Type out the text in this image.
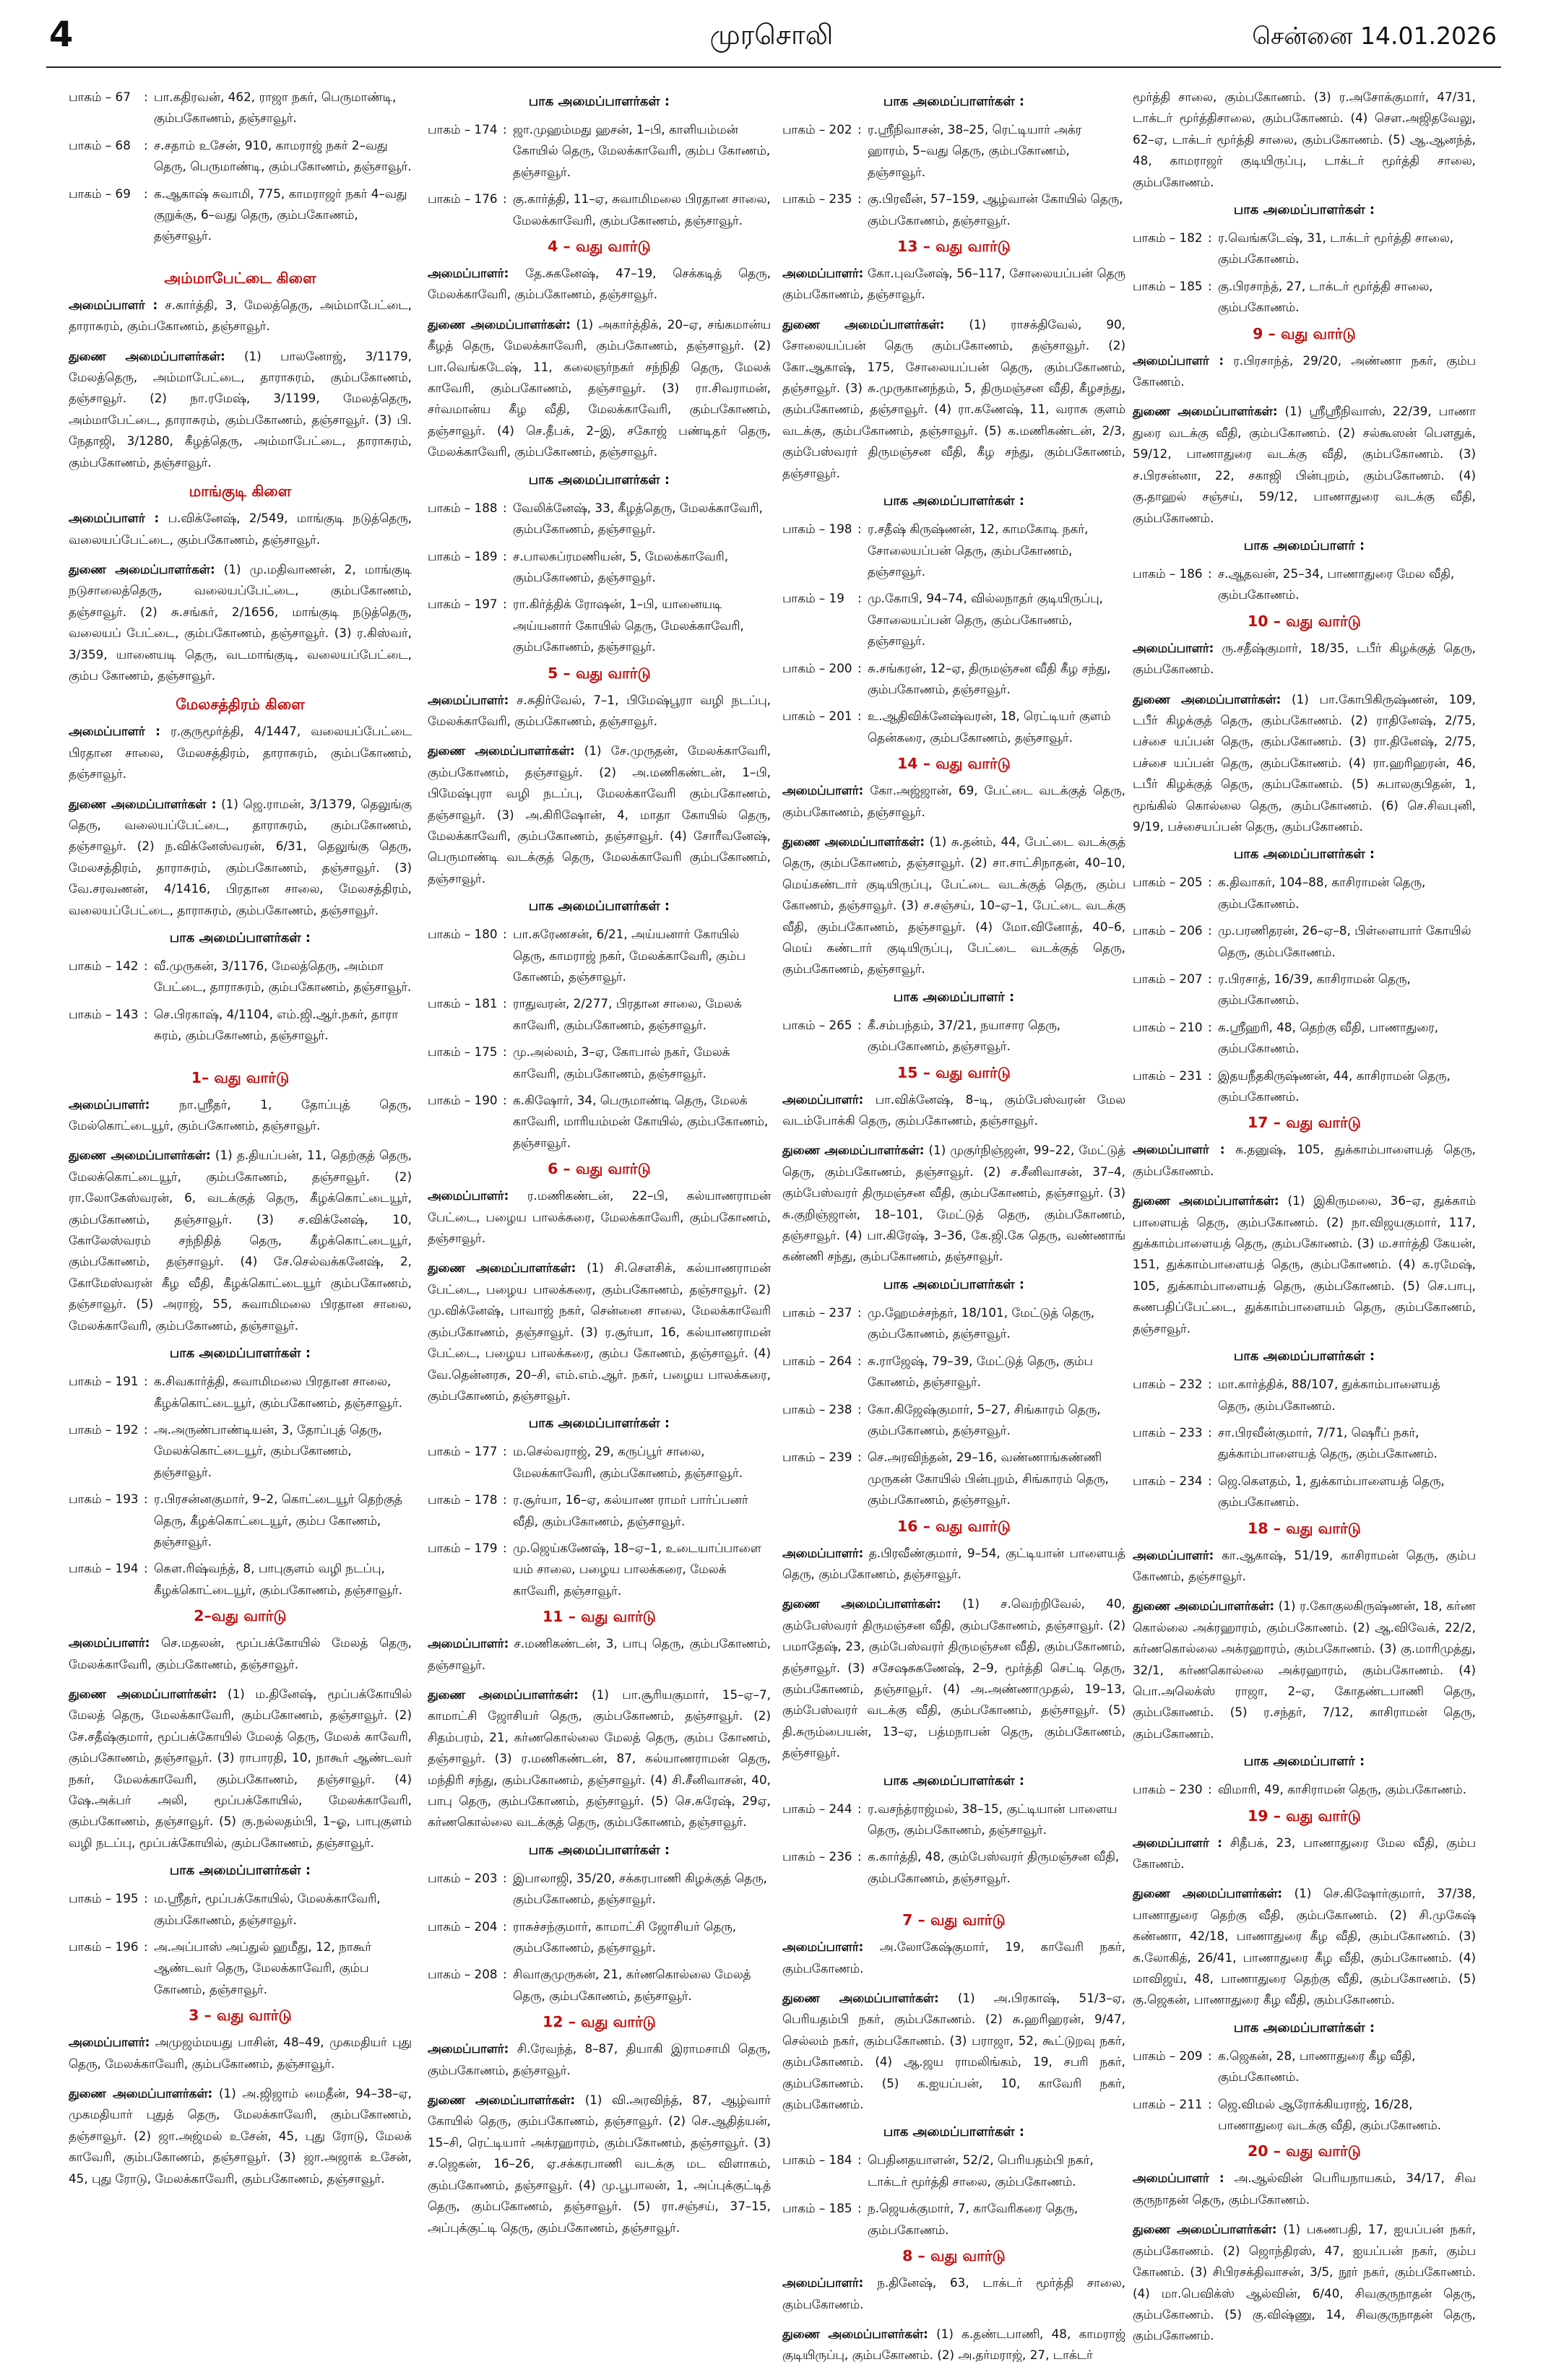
4	முரசொலி	சென்னை 14.01.2026
பாகம் – 67	: பா.கதிரவன், 462, ராஜா நகர், பெருமாண்டி, கும்பகோணம், தஞ்சாவூர்.
பாகம் – 68	: ச.சதாம் உசேன், 910, காமராஜ் நகர் 2–வது தெரு, பெருமாண்டி, கும்பகோணம், தஞ்சாவூர்.
பாகம் – 69	: க.ஆகாஷ் சுவாமி, 775, காமராஜர் நகர் 4–வது குறுக்கு, 6–வது தெரு, கும்பகோணம், தஞ்சாவூர்.
அம்மாபேட்டை கிளை
அமைப்பாளர் : ச.கார்த்தி, 3, மேலத்தெரு, அம்மாபேட்டை, தாராசுரம், கும்பகோணம், தஞ்சாவூர்.
துணை அமைப்பாளர்கள்: (1) பாலனோஜ், 3/1179, மேலத்தெரு, அம்மாபேட்டை, தாராசுரம், கும்பகோணம், தஞ்சாவூர். (2) நா.ரமேஷ், 3/1199, மேலத்தெரு, அம்மாபேட்டை, தாராசுரம், கும்பகோணம், தஞ்சாவூர். (3) பி. நேதாஜி, 3/1280, கீழத்தெரு, அம்மாபேட்டை, தாராசுரம், கும்பகோணம், தஞ்சாவூர்.
மாங்குடி கிளை
அமைப்பாளர் : ப.விக்னேஷ், 2/549, மாங்குடி நடுத்தெரு, வலையப்பேட்டை, கும்பகோணம், தஞ்சாவூர்.
துணை அமைப்பாளர்கள்: (1) மு.மதிவாணன், 2, மாங்குடி நடுசாலைத்தெரு, வலையப்பேட்டை, கும்பகோணம், தஞ்சாவூர். (2) சு.சங்கர், 2/1656, மாங்குடி நடுத்தெரு, வலையப் பேட்டை, கும்பகோணம், தஞ்சாவூர். (3) ர.கிஸ்வர், 3/359, யானையடி தெரு, வடமாங்குடி, வலையப்பேட்டை, கும்ப கோணம், தஞ்சாவூர்.
மேலசத்திரம் கிளை
அமைப்பாளர் : ர.குருமூர்த்தி, 4/1447, வலையப்பேட்டை பிரதான சாலை, மேலசத்திரம், தாராசுரம், கும்பகோணம், தஞ்சாவூர்.
துணை அமைப்பாளர்கள் : (1) ஜெ.ராமன், 3/1379, தெலுங்கு தெரு, வலையப்பேட்டை, தாராசுரம், கும்பகோணம், தஞ்சாவூர். (2) ந.விக்னேஸ்வரன், 6/31, தெலுங்கு தெரு, மேலசத்திரம், தாராசுரம், கும்பகோணம், தஞ்சாவூர். (3) வே.சரவணன், 4/1416, பிரதான சாலை, மேலசத்திரம், வலையப்பேட்டை, தாராசுரம், கும்பகோணம், தஞ்சாவூர்.
பாக அமைப்பாளர்கள் :
பாகம் – 142 : வீ.முருகன், 3/1176, மேலத்தெரு, அம்மா பேட்டை, தாராசுரம், கும்பகோணம், தஞ்சாவூர்.
பாகம் – 143 : செ.பிரகாஷ், 4/1104, எம்.ஜி.ஆர்.நகர், தாரா சுரம், கும்பகோணம், தஞ்சாவூர்.
1– வது வார்டு
அமைப்பாளர்: நா.ஸ்ரீதர், 1, தோப்புத் தெரு, மேல்கொட்டையூர், கும்பகோணம், தஞ்சாவூர்.
துணை அமைப்பாளர்கள்: (1) த.தியப்பன், 11, தெற்குத் தெரு, மேலக்கொட்டையூர், கும்பகோணம், தஞ்சாவூர். (2) ரா.லோகேஸ்வரன், 6, வடக்குத் தெரு, கீழக்கொட்டையூர், கும்பகோணம், தஞ்சாவூர். (3) ச.விக்னேஷ், 10, கோலேஸ்வரம் சந்நிதித் தெரு, கீழக்கொட்டையூர், கும்பகோணம், தஞ்சாவூர். (4) சே.செல்வக்கனேஷ், 2, கோமேஸ்வரன் கீழ வீதி, கீழக்கொட்டையூர் கும்பகோணம், தஞ்சாவூர். (5) அராஜ், 55, சுவாமிமலை பிரதான சாலை, மேலக்காவேரி, கும்பகோணம், தஞ்சாவூர்.
பாக அமைப்பாளர்கள் :
பாகம் – 191 : க.சிவகார்த்தி, சுவாமிமலை பிரதான சாலை, கீழக்கொட்டையூர், கும்பகோணம், தஞ்சாவூர்.
பாகம் – 192 : அ.அருண்பாண்டியன், 3, தோப்புத் தெரு, மேலக்கொட்டையூர், கும்பகோணம், தஞ்சாவூர்.
பாகம் – 193 : ர.பிரசன்னகுமார், 9–2, கொட்டையூர் தெற்குத் தெரு, கீழக்கொட்டையூர், கும்ப கோணம், தஞ்சாவூர்.
பாகம் – 194 : கௌ.ரிஷ்வந்த், 8, பாபுகுளம் வழி நடப்பு, கீழக்கொட்டையூர், கும்பகோணம், தஞ்சாவூர்.
2–வது வார்டு
அமைப்பாளர்: செ.மதலன், மூப்பக்கோயில் மேலத் தெரு, மேலக்காவேரி, கும்பகோணம், தஞ்சாவூர்.
துணை அமைப்பாளர்கள்: (1) ம.தினேஷ், மூப்பக்கோயில் மேலத் தெரு, மேலக்காவேரி, கும்பகோணம், தஞ்சாவூர். (2) சே.சதீஷ்குமார், மூப்பக்கோயில் மேலத் தெரு, மேலக் காவேரி, கும்பகோணம், தஞ்சாவூர். (3) ராபாரதி, 10, நாகூர் ஆண்டவர் நகர், மேலக்காவேரி, கும்பகோணம், தஞ்சாவூர். (4) ஷே.அக்பர் அலி, மூப்பக்கோயில், மேலக்காவேரி, கும்பகோணம், தஞ்சாவூர். (5) கு.நல்லதம்பி, 1–ஓ, பாபுகுளம் வழி நடப்பு, மூப்பக்கோயில், கும்பகோணம், தஞ்சாவூர்.
பாக அமைப்பாளர்கள் :
பாகம் – 195 : ம.ஸ்ரீதர், மூப்பக்கோயில், மேலக்காவேரி, கும்பகோணம், தஞ்சாவூர்.
பாகம் – 196 : அ.அப்பாஸ் அப்துல் ஹமீது, 12, நாகூர் ஆண்டவர் தெரு, மேலக்காவேரி, கும்ப கோணம், தஞ்சாவூர்.
3 – வது வார்டு
அமைப்பாளர்: அமுஜம்மயது பாசின், 48–49, முகமதியர் புது தெரு, மேலக்காவேரி, கும்பகோணம், தஞ்சாவூர்.
துணை அமைப்பாளர்கள்: (1) அ.ஜிஜாம் மைதீன், 94–38–ஏ, முகமதியார் புதுத் தெரு, மேலக்காவேரி, கும்பகோணம், தஞ்சாவூர். (2) ஜா.அஜ்மல் உசேன், 45, புது ரோடு, மேலக் காவேரி, கும்பகோணம், தஞ்சாவூர். (3) ஜா.அஜாக் உசேன், 45, புது ரோடு, மேலக்காவேரி, கும்பகோணம், தஞ்சாவூர்.
பாக அமைப்பாளர்கள் :
பாகம் – 174 : ஜா.முஹம்மது ஹசன், 1–பி, காளியம்மன் கோயில் தெரு, மேலக்காவேரி, கும்ப கோணம், தஞ்சாவூர்.
பாகம் – 176 : கு.கார்த்தி, 11–ஏ, சுவாமிமலை பிரதான சாலை, மேலக்காவேரி, கும்பகோணம், தஞ்சாவூர்.
4 – வது வார்டு
அமைப்பாளர்: தே.சுகனேஷ், 47–19, செக்கடித் தெரு, மேலக்காவேரி, கும்பகோணம், தஞ்சாவூர்.
துணை அமைப்பாளர்கள்: (1) அகார்த்திக், 20–ஏ, சங்கமான்ய கீழத் தெரு, மேலக்காவேரி, கும்பகோணம், தஞ்சாவூர். (2) பா.வெங்கடேஷ், 11, கலைஞர்நகர் சந்நிதி தெரு, மேலக் காவேரி, கும்பகோணம், தஞ்சாவூர். (3) ரா.சிவராமன், சர்வமான்ய கீழ வீதி, மேலக்காவேரி, கும்பகோணம், தஞ்சாவூர். (4) செ.தீபக், 2–இ, சகோஜ் பண்டிதர் தெரு, மேலக்காவேரி, கும்பகோணம், தஞ்சாவூர்.
பாக அமைப்பாளர்கள் :
பாகம் – 188 : வேலிக்னேஷ், 33, கீழத்தெரு, மேலக்காவேரி, கும்பகோணம், தஞ்சாவூர்.
பாகம் – 189 : ச.பாலசுப்ரமணியன், 5, மேலக்காவேரி, கும்பகோணம், தஞ்சாவூர்.
பாகம் – 197 : ரா.கிர்த்திக் ரோஷன், 1–பி, யானையடி அய்யனார் கோயில் தெரு, மேலக்காவேரி, கும்பகோணம், தஞ்சாவூர்.
5 – வது வார்டு
அமைப்பாளர்: ச.சுதிர்வேல், 7–1, பிமேஷ்பூரா வழி நடப்பு, மேலக்காவேரி, கும்பகோணம், தஞ்சாவூர்.
துணை அமைப்பாளர்கள்: (1) சே.முருதன், மேலக்காவேரி, கும்பகோணம், தஞ்சாவூர். (2) அ.மணிகண்டன், 1–பி, பிமேஷ்புரா வழி நடப்பு, மேலக்காவேரி கும்பகோணம், தஞ்சாவூர். (3) அ.கிரிஷோன், 4, மாதா கோயில் தெரு, மேலக்காவேரி, கும்பகோணம், தஞ்சாவூர். (4) சோரீவனேஷ், பெருமாண்டி வடக்குத் தெரு, மேலக்காவேரி கும்பகோணம், தஞ்சாவூர்.
பாக அமைப்பாளர்கள் :
பாகம் – 180 : பா.சுரேணசன், 6/21, அய்யனார் கோயில் தெரு, காமராஜ் நகர், மேலக்காவேரி, கும்ப கோணம், தஞ்சாவூர்.
பாகம் – 181 : ராதுவரன், 2/277, பிரதான சாலை, மேலக் காவேரி, கும்பகோணம், தஞ்சாவூர்.
பாகம் – 175 : மு.அல்லம், 3–ஏ, கோபால் நகர், மேலக் காவேரி, கும்பகோணம், தஞ்சாவூர்.
பாகம் – 190 : க.கிஷோர், 34, பெருமாண்டி தெரு, மேலக் காவேரி, மாரியம்மன் கோயில், கும்பகோணம், தஞ்சாவூர்.
6 – வது வார்டு
அமைப்பாளர்: ர.மணிகண்டன், 22–பி, கல்யாணராமன் பேட்டை, பழைய பாலக்கரை, மேலக்காவேரி, கும்பகோணம், தஞ்சாவூர்.
துணை அமைப்பாளர்கள்: (1) சி.செளசிக், கல்யாணராமன் பேட்டை, பழைய பாலக்கரை, கும்பகோணம், தஞ்சாவூர். (2) மு.விக்னேஷ், பாவாஜ் நகர், சென்னை சாலை, மேலக்காவேரி கும்பகோணம், தஞ்சாவூர். (3) ர.சூர்யா, 16, கல்யாணராமன் பேட்டை, பழைய பாலக்கரை, கும்ப கோணம், தஞ்சாவூர். (4) வே.தென்னரசு, 20–சி, எம்.எம்.ஆர். நகர், பழைய பாலக்கரை, கும்பகோணம், தஞ்சாவூர்.
பாக அமைப்பாளர்கள் :
பாகம் – 177 : ம.செல்வராஜ், 29, கருப்பூர் சாலை, மேலக்காவேரி, கும்பகோணம், தஞ்சாவூர்.
பாகம் – 178 : ர.சூர்யா, 16–ஏ, கல்யாண ராமர் பார்ப்பனர் வீதி, கும்பகோணம், தஞ்சாவூர்.
பாகம் – 179 : மு.ஜெய்கணேஷ், 18–ஏ–1, உடையாப்பாளை யம் சாலை, பழைய பாலக்கரை, மேலக் காவேரி, தஞ்சாவூர்.
11 – வது வார்டு
அமைப்பாளர்: ச.மணிகண்டன், 3, பாபு தெரு, கும்பகோணம், தஞ்சாவூர்.
துணை அமைப்பாளர்கள்: (1) பா.சூரியகுமார், 15–ஏ–7, காமாட்சி ஜோசியர் தெரு, கும்பகோணம், தஞ்சாவூர். (2) சிதம்பரம், 21, கர்ணகொல்லை மேலத் தெரு, கும்ப கோணம், தஞ்சாவூர். (3) ர.மணிகண்டன், 87, கல்யாணராமன் தெரு, மந்திரி சந்து, கும்பகோணம், தஞ்சாவூர். (4) சி.சீனிவாசன், 40, பாபு தெரு, கும்பகோணம், தஞ்சாவூர். (5) செ.சுரேஷ், 29ஏ, கர்ணகொல்லை வடக்குத் தெரு, கும்பகோணம், தஞ்சாவூர்.
பாக அமைப்பாளர்கள் :
பாகம் – 203 : இபாலாஜி, 35/20, சக்கரபாணி கிழக்குத் தெரு, கும்பகோணம், தஞ்சாவூர்.
பாகம் – 204 : ராசுச்சந்குமார், காமாட்சி ஜோசியர் தெரு, கும்பகோணம், தஞ்சாவூர்.
பாகம் – 208 : சிவாகுமுருகன், 21, கர்ணகொல்லை மேலத் தெரு, கும்பகோணம், தஞ்சாவூர்.
12 – வது வார்டு
அமைப்பாளர்: சி.ரேவந்த், 8–87, தியாகி இராமசாமி தெரு, கும்பகோணம், தஞ்சாவூர்.
துணை அமைப்பாளர்கள்: (1) வி.அரவிந்த், 87, ஆழ்வார் கோயில் தெரு, கும்பகோணம், தஞ்சாவூர். (2) செ.ஆதித்யன், 15–சி, ரெட்டியார் அக்ரஹாரம், கும்பகோணம், தஞ்சாவூர். (3) ச.ஜெகன், 16–26, ஏ.சக்கரபாணி வடக்கு மட விளாகம், கும்பகோணம், தஞ்சாவூர். (4) மு.பூபாலன், 1, அப்புக்குட்டித் தெரு, கும்பகோணம், தஞ்சாவூர். (5) ரா.சஞ்சய், 37–15, அப்புக்குட்டி தெரு, கும்பகோணம், தஞ்சாவூர்.
பாக அமைப்பாளர்கள் :
பாகம் – 202 : ர.ஸ்ரீநிவாசன், 38–25, ரெட்டியார் அக்ர ஹாரம், 5–வது தெரு, கும்பகோணம், தஞ்சாவூர்.
பாகம் – 235 : கு.பிரவீன், 57–159, ஆழ்வான் கோயில் தெரு, கும்பகோணம், தஞ்சாவூர்.
13 – வது வார்டு
அமைப்பாளர்: கோ.புவனேஷ், 56–117, சோலையப்பன் தெரு கும்பகோணம், தஞ்சாவூர்.
துணை அமைப்பாளர்கள்: (1) ராசக்திவேல், 90, சோலையப்பன் தெரு கும்பகோணம், தஞ்சாவூர். (2) கோ.ஆகாஷ், 175, சோலையப்பன் தெரு, கும்பகோணம், தஞ்சாவூர். (3) சு.முருகானந்தம், 5, திருமஞ்சன வீதி, கீழசந்து, கும்பகோணம், தஞ்சாவூர். (4) ரா.கணேஷ், 11, வராக குளம் வடக்கு, கும்பகோணம், தஞ்சாவூர். (5) க.மணிகண்டன், 2/3, கும்பேஸ்வரர் திருமஞ்சன வீதி, கீழ சந்து, கும்பகோணம், தஞ்சாவூர்.
பாக அமைப்பாளர்கள் :
பாகம் – 198 : ர.சதீஷ் கிருஷ்ணன், 12, காமகோடி நகர், சோலையப்பன் தெரு, கும்பகோணம், தஞ்சாவூர்.
பாகம் – 19	: மு.கோபி, 94–74, வில்லநாதர் குடியிருப்பு, சோலையப்பன் தெரு, கும்பகோணம், தஞ்சாவூர்.
பாகம் – 200 : சு.சங்கரன், 12–ஏ, திருமஞ்சன வீதி கீழ சந்து, கும்பகோணம், தஞ்சாவூர்.
பாகம் – 201 : உ.ஆதிவிக்னேஷ்வரன், 18, ரெட்டியர் குளம் தென்கரை, கும்பகோணம், தஞ்சாவூர்.
14 – வது வார்டு
அமைப்பாளர்: கோ.அஜ்ஜான், 69, பேட்டை வடக்குத் தெரு, கும்பகோணம், தஞ்சாவூர்.
துணை அமைப்பாளர்கள்: (1) சு.தன்ம், 44, பேட்டை வடக்குத் தெரு, கும்பகோணம், தஞ்சாவூர். (2) சா.சாட்சிநாதன், 40–10, மெய்கண்டார் குடியிருப்பு, பேட்டை வடக்குத் தெரு, கும்ப கோணம், தஞ்சாவூர். (3) ச.சஞ்சய், 10–ஏ–1, பேட்டை வடக்கு வீதி, கும்பகோணம், தஞ்சாவூர். (4) மோ.வினோத், 40–6, மெய் கண்டார் குடியிருப்பு, பேட்டை வடக்குத் தெரு, கும்பகோணம், தஞ்சாவூர்.
பாக அமைப்பாளர் :
பாகம் – 265 : கீ.சம்பந்தம், 37/21, நயாசார தெரு, கும்பகோணம், தஞ்சாவூர்.
15 – வது வார்டு
அமைப்பாளர்: பா.விக்னேஷ், 8–டி, கும்பேஸ்வரன் மேல வடம்போக்கி தெரு, கும்பகோணம், தஞ்சாவூர்.
துணை அமைப்பாளர்கள்: (1) முகுர்நிஞ்ஜன், 99–22, மேட்டுத் தெரு, கும்பகோணம், தஞ்சாவூர். (2) ச.சீனிவாசன், 37–4, கும்பேஸ்வரர் திருமஞ்சன வீதி, கும்பகோணம், தஞ்சாவூர். (3) சு.குறிஞ்ஜான், 18–101, மேட்டுத் தெரு, கும்பகோணம், தஞ்சாவூர். (4) பா.கிரேஷ், 3–36, கே.ஜி.கே தெரு, வண்ணாங் கண்ணி சந்து, கும்பகோணம், தஞ்சாவூர்.
பாக அமைப்பாளர்கள் :
பாகம் – 237 : மு.ஹேமச்சந்தர், 18/101, மேட்டுத் தெரு, கும்பகோணம், தஞ்சாவூர்.
பாகம் – 264 : சு.ராஜேஷ், 79–39, மேட்டுத் தெரு, கும்ப கோணம், தஞ்சாவூர்.
பாகம் – 238 : கோ.கிஜேஷ்குமார், 5–27, சிங்காரம் தெரு, கும்பகோணம், தஞ்சாவூர்.
பாகம் – 239 : செ.அரவிந்தன், 29–16, வண்ணாங்கண்ணி முருகன் கோயில் பின்புறம், சிங்காரம் தெரு, கும்பகோணம், தஞ்சாவூர்.
16 – வது வார்டு
அமைப்பாளர்: த.பிரவீண்குமார், 9–54, குட்டியான் பாளையத் தெரு, கும்பகோணம், தஞ்சாவூர்.
துணை அமைப்பாளர்கள்: (1) ச.வெற்றிவேல், 40, கும்பேஸ்வரர் திருமஞ்சன வீதி, கும்பகோணம், தஞ்சாவூர். (2) பமாதேஷ், 23, கும்பேஸ்வரர் திருமஞ்சன வீதி, கும்பகோணம், தஞ்சாவூர். (3) சசேஷசுகணேஷ், 2–9, மூர்த்தி செட்டி தெரு, கும்பகோணம், தஞ்சாவூர். (4) அ.அண்ணாமுதல், 19–13, கும்பேஸ்வரர் வடக்கு வீதி, கும்பகோணம், தஞ்சாவூர். (5) தி.சுரும்பையன், 13–ஏ, பத்மநாபன் தெரு, கும்பகோணம், தஞ்சாவூர்.
பாக அமைப்பாளர்கள் :
பாகம் – 244 : ர.வசந்த்ராஜ்மல், 38–15, குட்டியான் பாளைய தெரு, கும்பகோணம், தஞ்சாவூர்.
பாகம் – 236 : க.கார்த்தி, 48, கும்பேஸ்வரர் திருமஞ்சன வீதி, கும்பகோணம், தஞ்சாவூர்.
7 – வது வார்டு
அமைப்பாளர்: அ.லோகேஷ்குமார், 19, காவேரி நகர், கும்பகோணம்.
துணை அமைப்பாளர்கள்: (1) அ.பிரகாஷ், 51/3–ஏ, பெரியதம்பி நகர், கும்பகோணம். (2) சு.ஹரிஹரன், 9/47, செல்லம் நகர், கும்பகோணம். (3) பராஜா, 52, கூட்டுறவு நகர், கும்பகோணம். (4) ஆ.ஜய ராமலிங்கம், 19, சபரி நகர், கும்பகோணம். (5) க.ஐயப்பன், 10, காவேரி நகர், கும்பகோணம்.
பாக அமைப்பாளர்கள் :
பாகம் – 184 : பெதினதயாளன், 52/2, பெரியதம்பி நகர், டாக்டர் மூர்த்தி சாலை, கும்பகோணம்.
பாகம் – 185 : ந.ஜெயக்குமார், 7, காவேரிகரை தெரு, கும்பகோணம்.
8 – வது வார்டு
அமைப்பாளர்: ந.தினேஷ், 63, டாக்டர் மூர்த்தி சாலை, கும்பகோணம்.
துணை அமைப்பாளர்கள்: (1) க.தண்டபாணி, 48, காமராஜ் குடியிருப்பு, கும்பகோணம். (2) அ.தர்மராஜ், 27, டாக்டர்
மூர்த்தி சாலை, கும்பகோணம். (3) ர.அசோக்குமார், 47/31, டாக்டர் மூர்த்திசாலை, கும்பகோணம். (4) சௌ.அஜிதவேலு, 62–ஏ, டாக்டர் மூர்த்தி சாலை, கும்பகோணம். (5) ஆ.ஆனந்த், 48, காமராஜர் குடியிருப்பு, டாக்டர் மூர்த்தி சாலை, கும்பகோணம்.
பாக அமைப்பாளர்கள் :
பாகம் – 182 : ர.வெங்கடேஷ், 31, டாக்டர் மூர்த்தி சாலை, கும்பகோணம்.
பாகம் – 185 : கு.பிரசாந்த், 27, டாக்டர் மூர்த்தி சாலை, கும்பகோணம்.
9 – வது வார்டு
அமைப்பாளர் : ர.பிரசாந்த், 29/20, அண்ணா நகர், கும்ப கோணம்.
துணை அமைப்பாளர்கள்: (1) ஸ்ரீஸ்ரீநிவாஸ், 22/39, பாணா துரை வடக்கு வீதி, கும்பகோணம். (2) சல்கூஸன் பௌதுக், 59/12, பாணாதுரை வடக்கு வீதி, கும்பகோணம். (3) ச.பிரசன்னா, 22, சகாஜி பின்புறம், கும்பகோணம். (4) கு.தாஹல் சஞ்சய், 59/12, பாணாதுரை வடக்கு வீதி, கும்பகோணம்.
பாக அமைப்பாளர் :
பாகம் – 186 : ச.ஆதவன், 25–34, பாணாதுரை மேல வீதி, கும்பகோணம்.
10 – வது வார்டு
அமைப்பாளர்: ரு.சதீஷ்குமார், 18/35, டபீர் கிழக்குத் தெரு, கும்பகோணம்.
துணை அமைப்பாளர்கள்: (1) பா.கோபிகிருஷ்ணன், 109, டபீர் கிழக்குத் தெரு, கும்பகோணம். (2) ராதினேஷ், 2/75, பச்சை யப்பன் தெரு, கும்பகோணம். (3) ரா.தினேஷ், 2/75, பச்சை யப்பன் தெரு, கும்பகோணம். (4) ரா.ஹரிஹரன், 46, டபீர் கிழக்குத் தெரு, கும்பகோணம். (5) சுபாலகுபிதன், 1, மூங்கில் கொல்லை தெரு, கும்பகோணம். (6) செ.சிவபுனி, 9/19, பச்சையப்பன் தெரு, கும்பகோணம்.
பாக அமைப்பாளர்கள் :
பாகம் – 205 : க.திவாகர், 104–88, காசிராமன் தெரு, கும்பகோணம்.
பாகம் – 206 : மு.பரணிதரன், 26–ஏ–8, பிள்ளையார் கோயில் தெரு, கும்பகோணம்.
பாகம் – 207 : ர.பிரசாத், 16/39, காசிராமன் தெரு, கும்பகோணம்.
பாகம் – 210 : க.ஸ்ரீஹரி, 48, தெற்கு வீதி, பாணாதுரை, கும்பகோணம்.
பாகம் – 231 : இதயநீதகிருஷ்ணன், 44, காசிராமன் தெரு, கும்பகோணம்.
17 – வது வார்டு
அமைப்பாளர் : க.தனுஷ், 105, துக்காம்பாளையத் தெரு, கும்பகோணம்.
துணை அமைப்பாளர்கள்: (1) இகிருமலை, 36–ஏ, துக்காம் பாளையத் தெரு, கும்பகோணம். (2) நா.விஜயகுமார், 117, துக்காம்பாளையத் தெரு, கும்பகோணம். (3) ம.சார்த்தி கேயன், 151, துக்காம்பாளையத் தெரு, கும்பகோணம். (4) க.ரமேஷ், 105, துக்காம்பாளையத் தெரு, கும்பகோணம். (5) செ.பாபு, சுணபதிப்பேட்டை, துக்காம்பாளையம் தெரு, கும்பகோணம், தஞ்சாவூர்.
பாக அமைப்பாளர்கள் :
பாகம் – 232 : மா.கார்த்திக், 88/107, துக்காம்பாளையத் தெரு, கும்பகோணம்.
பாகம் – 233 : சா.பிரவீன்குமார், 7/71, ஷெரீப் நகர், துக்காம்பாளையத் தெரு, கும்பகோணம்.
பாகம் – 234 : ஜெ.கௌதம், 1, துக்காம்பாளையத் தெரு, கும்பகோணம்.
18 – வது வார்டு
அமைப்பாளர்: கா.ஆகாஷ், 51/19, காசிராமன் தெரு, கும்ப கோணம், தஞ்சாவூர்.
துணை அமைப்பாளர்கள்: (1) ர.கோகுலகிருஷ்ணன், 18, கர்ண கொல்லை அக்ரஹாரம், கும்பகோணம். (2) ஆ.விவேக், 22/2, கர்ணகொல்லை அக்ரஹாரம், கும்பகோணம். (3) கு.மாரிமுத்து, 32/1, கர்ணகொல்லை அக்ரஹாரம், கும்பகோணம். (4) பொ.அலெக்ஸ் ராஜா, 2–ஏ, கோதண்டபாணி தெரு, கும்பகோணம். (5) ர.சந்தர், 7/12, காசிராமன் தெரு, கும்பகோணம்.
பாக அமைப்பாளர் :
பாகம் – 230 : விமாரி, 49, காசிராமன் தெரு, கும்பகோணம்.
19 – வது வார்டு
அமைப்பாளர் : சிதீபக், 23, பாணாதுரை மேல வீதி, கும்ப கோணம்.
துணை அமைப்பாளர்கள்: (1) செ.கிஷோர்குமார், 37/38, பாணாதுரை தெற்கு வீதி, கும்பகோணம். (2) சி.முகேஷ் கண்ணா, 42/18, பாணாதுரை கீழ வீதி, கும்பகோணம். (3) க.லோகித், 26/41, பாணாதுரை கீழ வீதி, கும்பகோணம். (4) மாவிஜய், 48, பாணாதுரை தெற்கு வீதி, கும்பகோணம். (5) கு.ஜெகன், பாணாதுரை கீழ வீதி, கும்பகோணம்.
பாக அமைப்பாளர்கள் :
பாகம் – 209 : க.ஜெகன், 28, பாணாதுரை கீழ வீதி, கும்பகோணம்.
பாகம் – 211 : ஜெ.விமல் ஆரோக்கியராஜ், 16/28, பாணாதுரை வடக்கு வீதி, கும்பகோணம்.
20 – வது வார்டு
அமைப்பாளர் : அ.ஆல்வின் பெரியநாயகம், 34/17, சிவ குருநாதன் தெரு, கும்பகோணம்.
துணை அமைப்பாளர்கள்: (1) பகணபதி, 17, ஐயப்பன் நகர், கும்பகோணம். (2) ஜொந்திரஸ், 47, ஐயப்பன் நகர், கும்ப கோணம். (3) சிபிரசக்திவாசன், 3/5, நூர் நகர், கும்பகோணம். (4) மா.பெவிக்ஸ் ஆல்வின், 6/40, சிவகுருநாதன் தெரு, கும்பகோணம். (5) கு.விஷ்ணு, 14, சிவகுருநாதன் தெரு, கும்பகோணம்.
